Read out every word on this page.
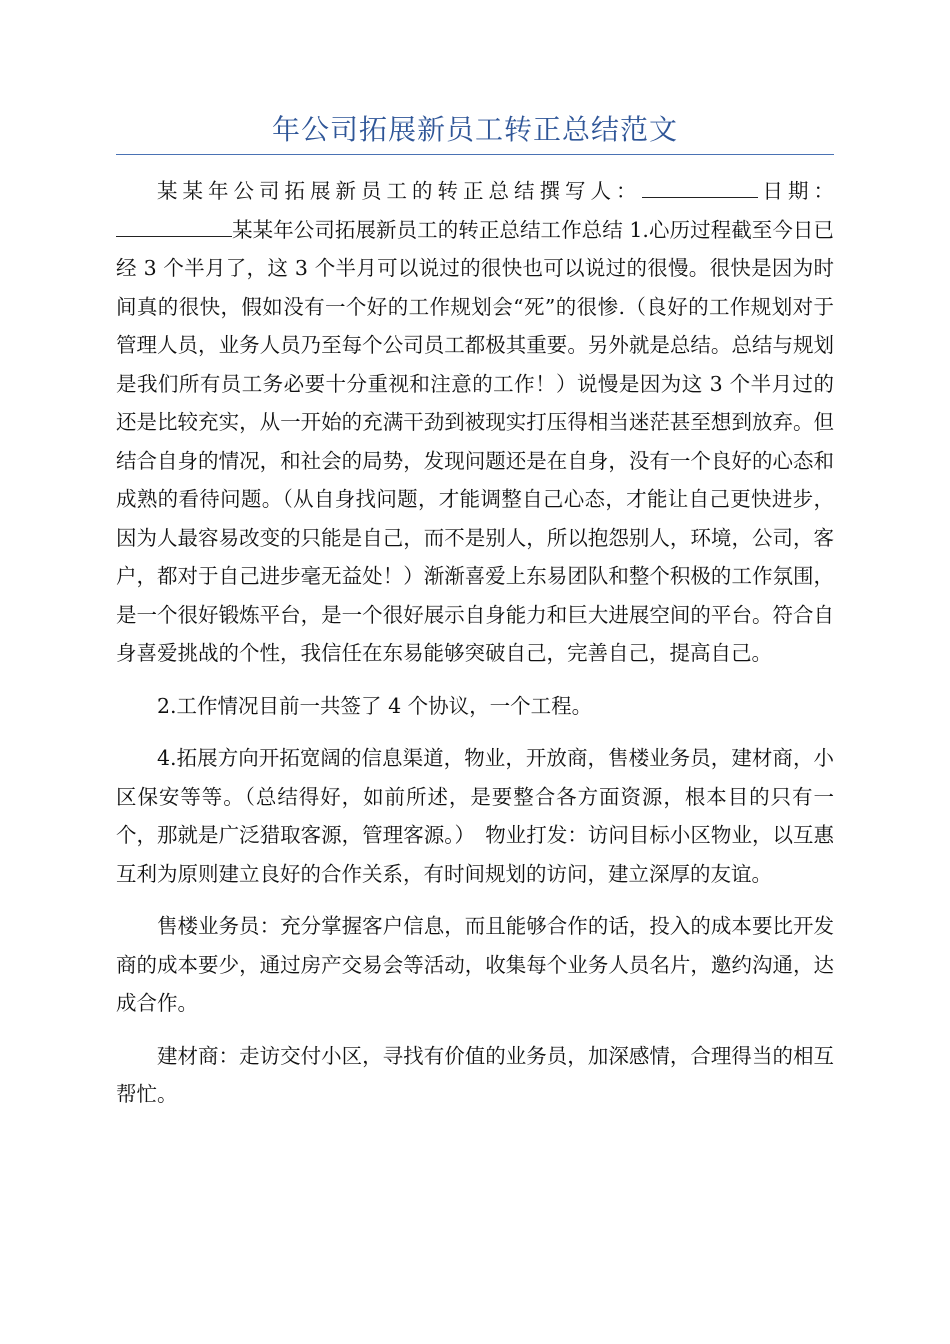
年公司拓展新员工转正总结范文

某某年公司拓展新员工的转正总结撰写人：	日期：某某年公司拓展新员工的转正总结工作总结 1.心历过程截至今日已经 3 个半月了，这 3 个半月可以说过的很快也可以说过的很慢。很快是因为时间真的很快，假如没有一个好的工作规划会“死”的很惨.（良好的工作规划对于管理人员，业务人员乃至每个公司员工都极其重要。另外就是总结。总结与规划是我们所有员工务必要十分重视和注意的工作！）说慢是因为这 3 个半月过的还是比较充实，从一开始的充满干劲到被现实打压得相当迷茫甚至想到放弃。但结合自身的情况，和社会的局势，发现问题还是在自身，没有一个良好的心态和成熟的看待问题。（从自身找问题，才能调整自己心态，才能让自己更快进步，因为人最容易改变的只能是自己，而不是别人，所以抱怨别人，环境，公司，客户，都对于自己进步毫无益处！）渐渐喜爱上东易团队和整个积极的工作氛围，是一个很好锻炼平台，是一个很好展示自身能力和巨大进展空间的平台。符合自身喜爱挑战的个性，我信任在东易能够突破自己，完善自己，提高自己。

2.工作情况目前一共签了 4 个协议，一个工程。

4.拓展方向开拓宽阔的信息渠道，物业，开放商，售楼业务员，建材商，小区保安等等。（总结得好，如前所述，是要整合各方面资源，根本目的只有一个，那就是广泛猎取客源，管理客源。）　物业打发：访问目标小区物业，以互惠互利为原则建立良好的合作关系，有时间规划的访问，建立深厚的友谊。

售楼业务员：充分掌握客户信息，而且能够合作的话，投入的成本要比开发商的成本要少，通过房产交易会等活动，收集每个业务人员名片，邀约沟通，达成合作。

建材商：走访交付小区，寻找有价值的业务员，加深感情，合理得当的相互帮忙。
